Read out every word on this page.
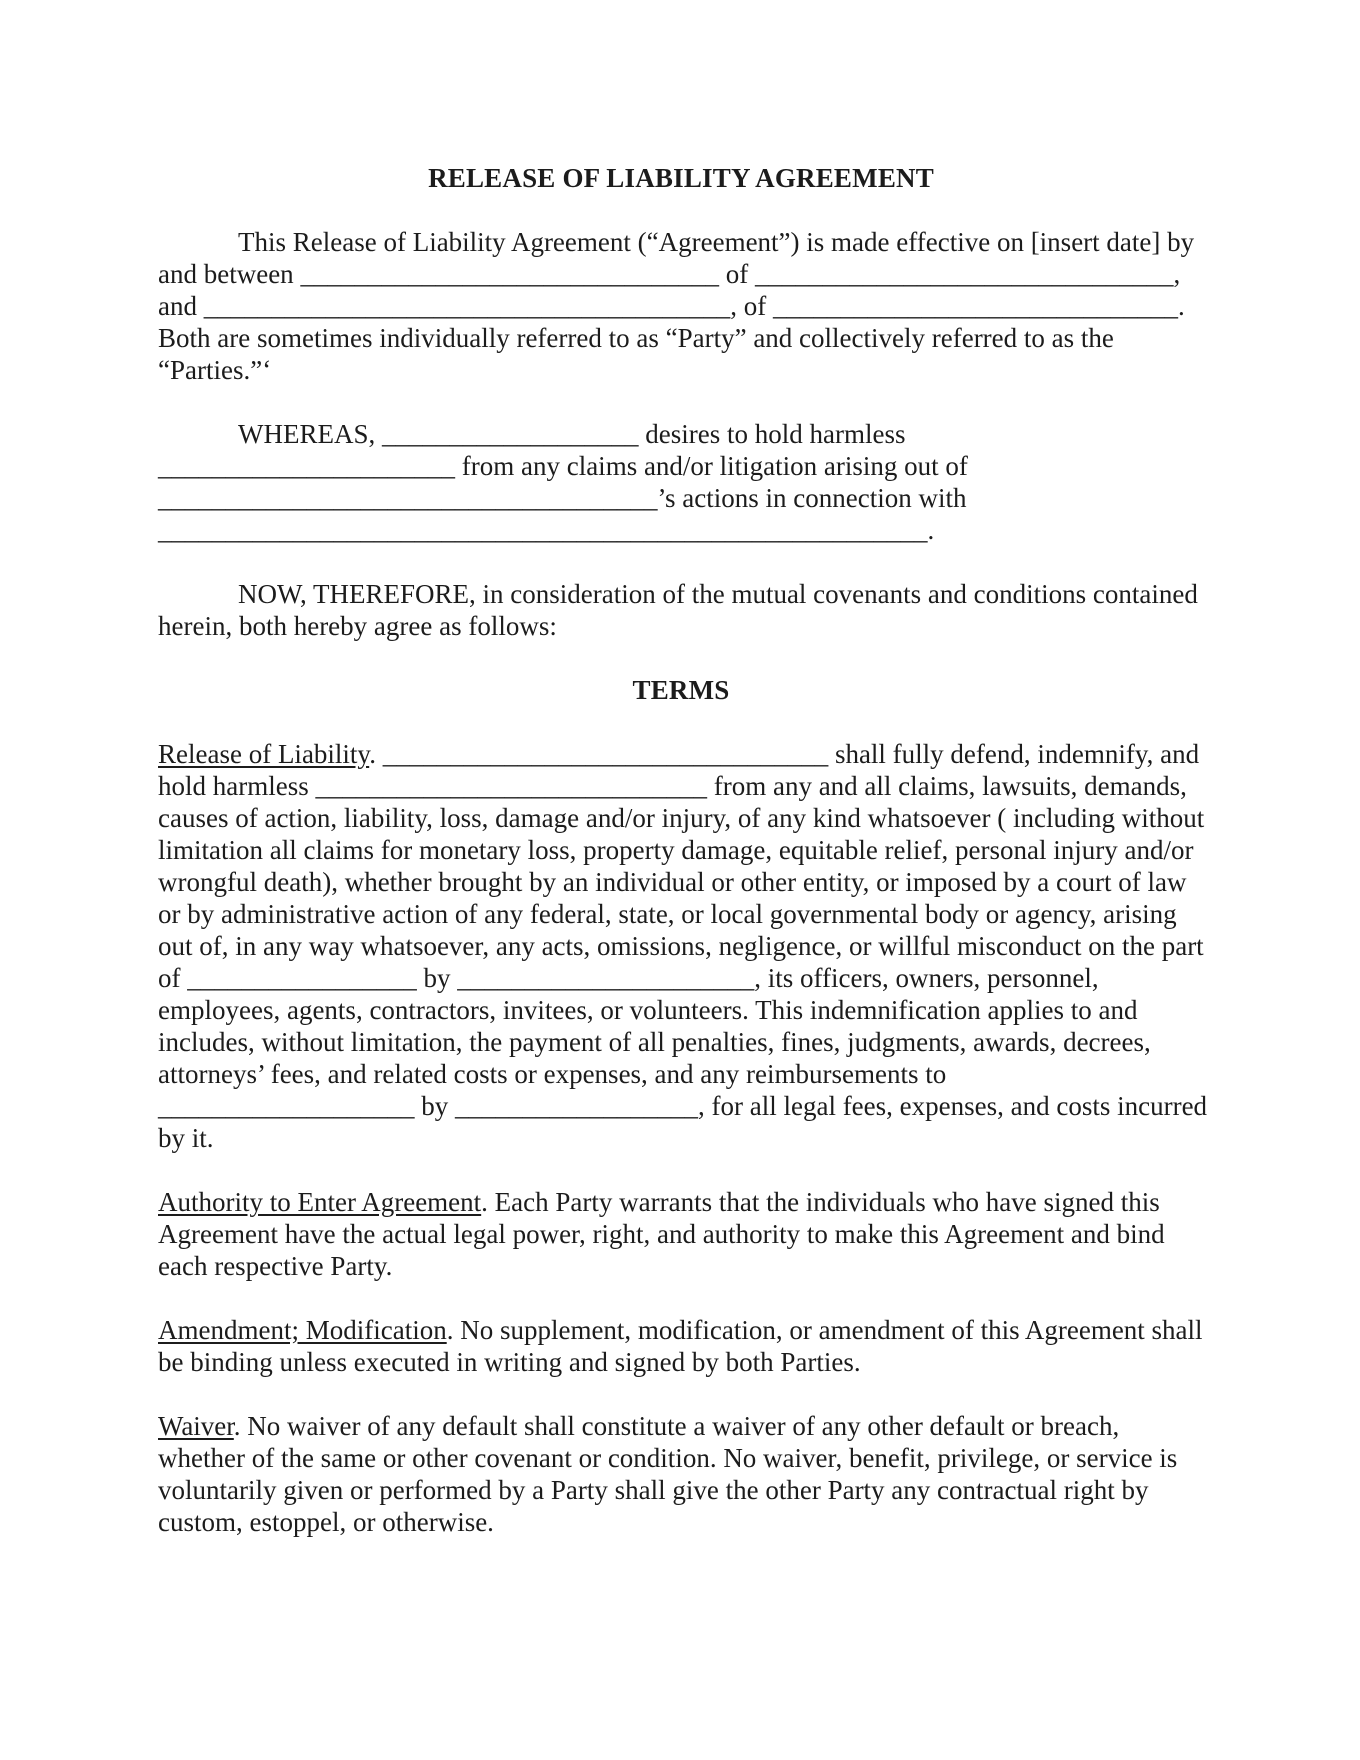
RELEASE OF LIABILITY AGREEMENT
This Release of Liability Agreement (“Agreement”) is made effective on [insert date] by
and between _______________________________ of _______________________________,
and _______________________________________, of ______________________________.
Both are sometimes individually referred to as “Party” and collectively referred to as the
“Parties.”‘
WHEREAS, ___________________ desires to hold harmless
______________________ from any claims and/or litigation arising out of
_____________________________________’s actions in connection with
_________________________________________________________.
NOW, THEREFORE, in consideration of the mutual covenants and conditions contained
herein, both hereby agree as follows:
TERMS
Release of Liability. _________________________________ shall fully defend, indemnify, and
hold harmless _____________________________ from any and all claims, lawsuits, demands,
causes of action, liability, loss, damage and/or injury, of any kind whatsoever ( including without
limitation all claims for monetary loss, property damage, equitable relief, personal injury and/or
wrongful death), whether brought by an individual or other entity, or imposed by a court of law
or by administrative action of any federal, state, or local governmental body or agency, arising
out of, in any way whatsoever, any acts, omissions, negligence, or willful misconduct on the part
of _________________ by ______________________, its officers, owners, personnel,
employees, agents, contractors, invitees, or volunteers. This indemnification applies to and
includes, without limitation, the payment of all penalties, fines, judgments, awards, decrees,
attorneys’ fees, and related costs or expenses, and any reimbursements to
___________________ by __________________, for all legal fees, expenses, and costs incurred
by it.
Authority to Enter Agreement. Each Party warrants that the individuals who have signed this
Agreement have the actual legal power, right, and authority to make this Agreement and bind
each respective Party.
Amendment; Modification. No supplement, modification, or amendment of this Agreement shall
be binding unless executed in writing and signed by both Parties.
Waiver. No waiver of any default shall constitute a waiver of any other default or breach,
whether of the same or other covenant or condition. No waiver, benefit, privilege, or service is
voluntarily given or performed by a Party shall give the other Party any contractual right by
custom, estoppel, or otherwise.
